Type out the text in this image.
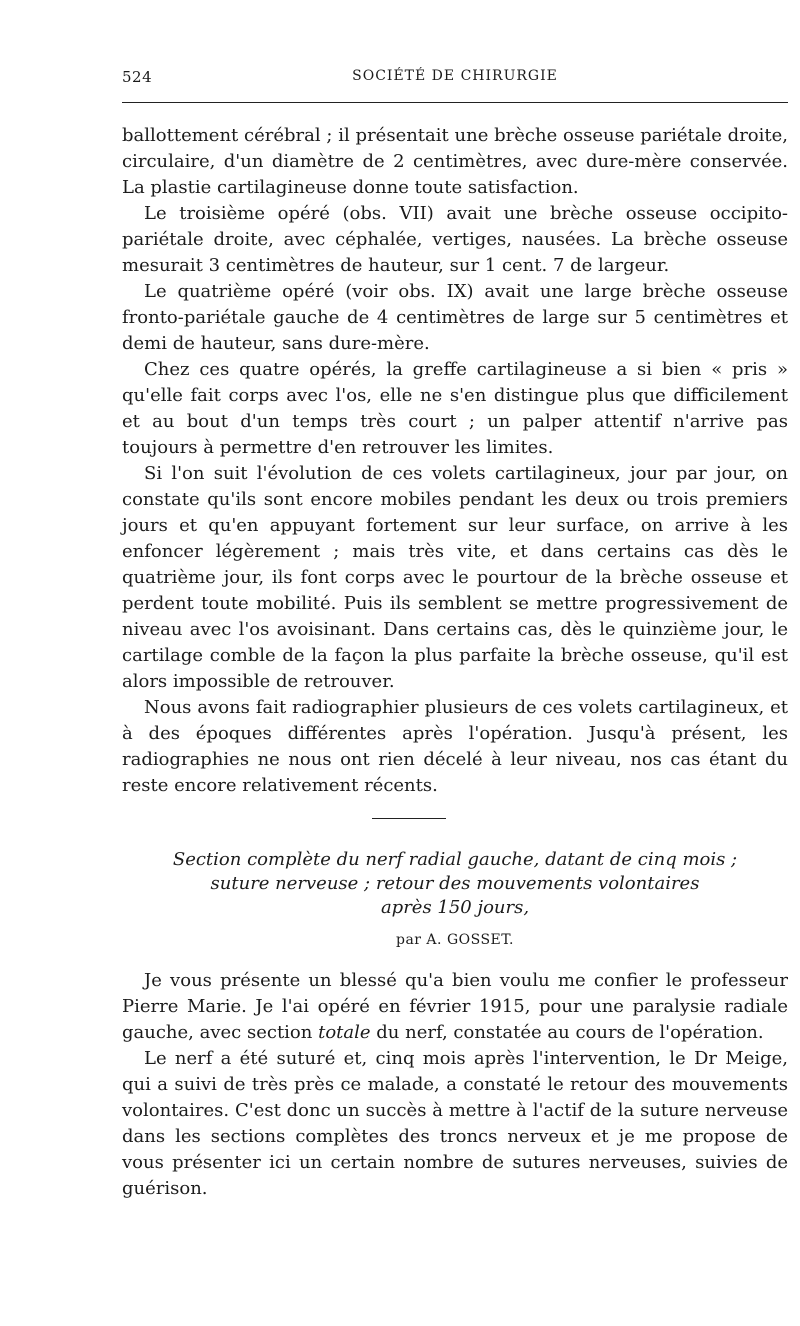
524	SOCIÉTÉ DE CHIRURGIE

ballottement cérébral ; il présentait une brèche osseuse pariétale droite, circulaire, d'un diamètre de 2 centimètres, avec dure-mère conservée. La plastie cartilagineuse donne toute satisfaction.

Le troisième opéré (obs. VII) avait une brèche osseuse occipito-pariétale droite, avec céphalée, vertiges, nausées. La brèche osseuse mesurait 3 centimètres de hauteur, sur 1 cent. 7 de largeur.

Le quatrième opéré (voir obs. IX) avait une large brèche osseuse fronto-pariétale gauche de 4 centimètres de large sur 5 centimètres et demi de hauteur, sans dure-mère.

Chez ces quatre opérés, la greffe cartilagineuse a si bien « pris » qu'elle fait corps avec l'os, elle ne s'en distingue plus que difficilement et au bout d'un temps très court ; un palper attentif n'arrive pas toujours à permettre d'en retrouver les limites.

Si l'on suit l'évolution de ces volets cartilagineux, jour par jour, on constate qu'ils sont encore mobiles pendant les deux ou trois premiers jours et qu'en appuyant fortement sur leur surface, on arrive à les enfoncer légèrement ; mais très vite, et dans certains cas dès le quatrième jour, ils font corps avec le pourtour de la brèche osseuse et perdent toute mobilité. Puis ils semblent se mettre progressivement de niveau avec l'os avoisinant. Dans certains cas, dès le quinzième jour, le cartilage comble de la façon la plus parfaite la brèche osseuse, qu'il est alors impossible de retrouver.

Nous avons fait radiographier plusieurs de ces volets cartilagineux, et à des époques différentes après l'opération. Jusqu'à présent, les radiographies ne nous ont rien décelé à leur niveau, nos cas étant du reste encore relativement récents.

Section complète du nerf radial gauche, datant de cinq mois ;
suture nerveuse ; retour des mouvements volontaires
après 150 jours,
par A. GOSSET.

Je vous présente un blessé qu'a bien voulu me confier le professeur Pierre Marie. Je l'ai opéré en février 1915, pour une paralysie radiale gauche, avec section totale du nerf, constatée au cours de l'opération.

Le nerf a été suturé et, cinq mois après l'intervention, le Dr Meige, qui a suivi de très près ce malade, a constaté le retour des mouvements volontaires. C'est donc un succès à mettre à l'actif de la suture nerveuse dans les sections complètes des troncs nerveux et je me propose de vous présenter ici un certain nombre de sutures nerveuses, suivies de guérison.
